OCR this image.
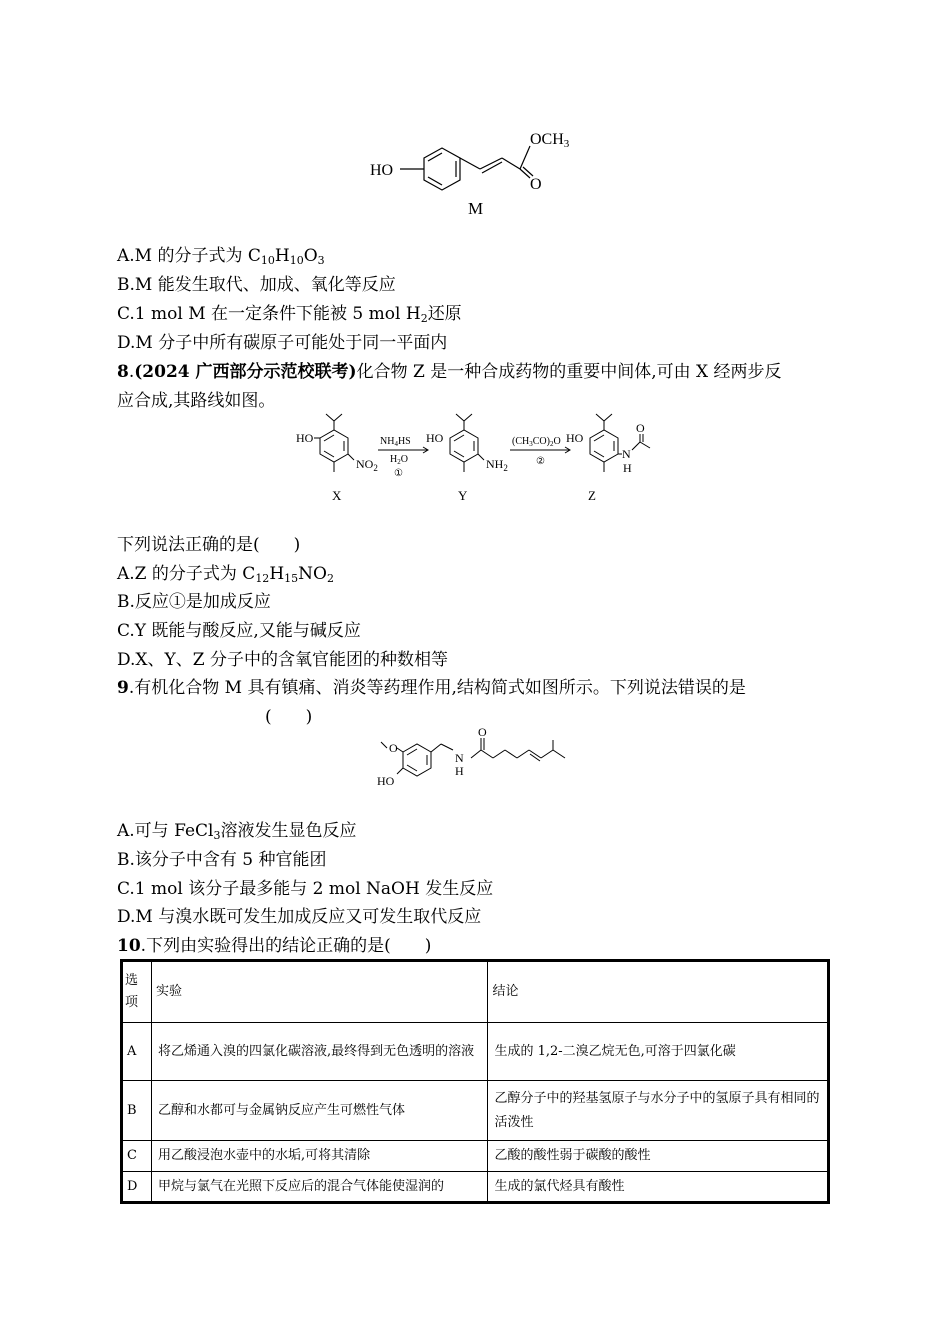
HO
OCH3
O
M
A.M 的分子式为 $C_{10}H_{10}O_3$
B.M 能发生取代、加成、氧化等反应
C.1 mol M 在一定条件下能被 5 mol $H_2$还原
D.M 分子中所有碳原子可能处于同一平面内
8.(2024 广西部分示范校联考)化合物 Z 是一种合成药物的重要中间体,可由 X 经两步反
应合成,其路线如图。
HO
$NO_2$
X
$NH_4HS$
$H_2O$
①
HO
$NH_2$
Y
$(CH_3CO)_2O$
②
HO
N
H
O
Z
下列说法正确的是(　　)
A.Z 的分子式为 $C_{12}H_{15}NO_2$
B.反应①是加成反应
C.Y 既能与酸反应,又能与碱反应
D.X、Y、Z 分子中的含氧官能团的种数相等
9.有机化合物 M 具有镇痛、消炎等药理作用,结构简式如图所示。下列说法错误的是
(　　)
O
HO
N
H
O
A.可与 FeCl$_3$溶液发生显色反应
B.该分子中含有 5 种官能团
C.1 mol 该分子最多能与 2 mol NaOH 发生反应
D.M 与溴水既可发生加成反应又可发生取代反应
10.下列由实验得出的结论正确的是(　　)
选项	实验	结论
A	将乙烯通入溴的四氯化碳溶液,最终得到无色透明的溶液	生成的 1,2-二溴乙烷无色,可溶于四氯化碳
B	乙醇和水都可与金属钠反应产生可燃性气体	乙醇分子中的羟基氢原子与水分子中的氢原子具有相同的活泼性
C	用乙酸浸泡水壶中的水垢,可将其清除	乙酸的酸性弱于碳酸的酸性
D	甲烷与氯气在光照下反应后的混合气体能使湿润的	生成的氯代烃具有酸性
